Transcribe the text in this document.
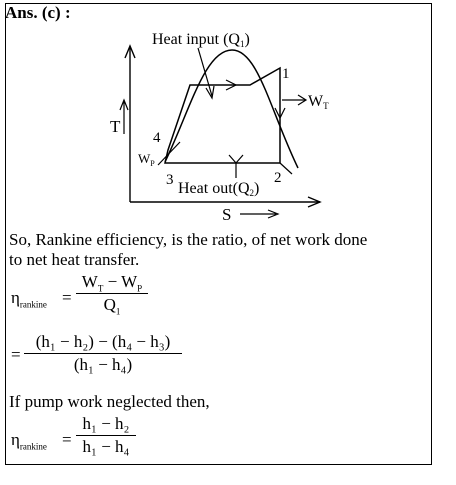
Ans. (c) :
Heat input (Q1)
Heat out(Q2)
WT
$W_P$
T
S
1
2
3
4
So, Rankine efficiency, is the ratio, of net work done
to net heat transfer.
$\eta_{rankine}$ =
$W_T - W_P$
$Q_1$
=
(h₁ − h₂) − (h₄ − h₃)
(h₁ − h₄)
If pump work neglected then,
$\eta_{rankine}$ =
h₁ − h₂
h₁ − h₄
